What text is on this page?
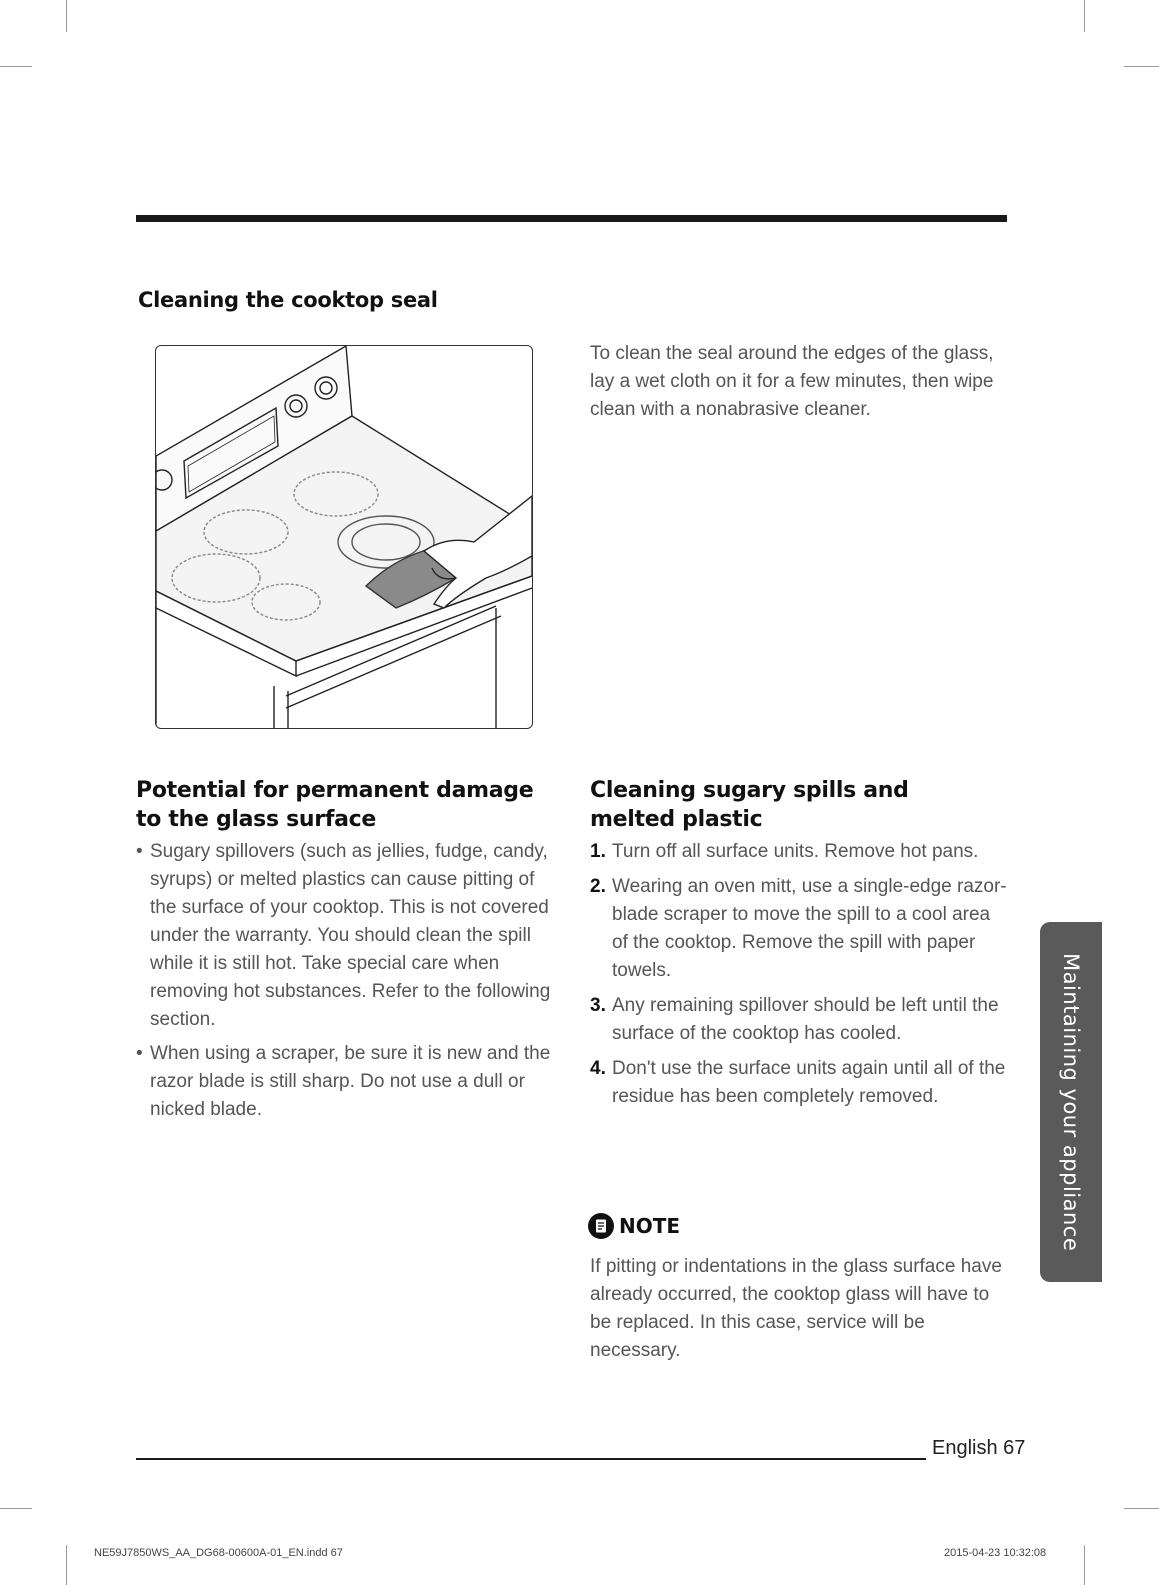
Cleaning the cooktop seal

To clean the seal around the edges of the glass, lay a wet cloth on it for a few minutes, then wipe clean with a nonabrasive cleaner.

Potential for permanent damage to the glass surface
• Sugary spillovers (such as jellies, fudge, candy, syrups) or melted plastics can cause pitting of the surface of your cooktop. This is not covered under the warranty. You should clean the spill while it is still hot. Take special care when removing hot substances. Refer to the following section.
• When using a scraper, be sure it is new and the razor blade is still sharp. Do not use a dull or nicked blade.
Cleaning sugary spills and melted plastic
1. Turn off all surface units. Remove hot pans.
2. Wearing an oven mitt, use a single-edge razor-blade scraper to move the spill to a cool area of the cooktop. Remove the spill with paper towels.
3. Any remaining spillover should be left until the surface of the cooktop has cooled.
4. Don't use the surface units again until all of the residue has been completely removed.
NOTE

If pitting or indentations in the glass surface have already occurred, the cooktop glass will have to be replaced. In this case, service will be necessary.

Maintaining your appliance
English 67
NE59J7850WS_AA_DG68-00600A-01_EN.indd 67	2015-04-23 10:32:08
